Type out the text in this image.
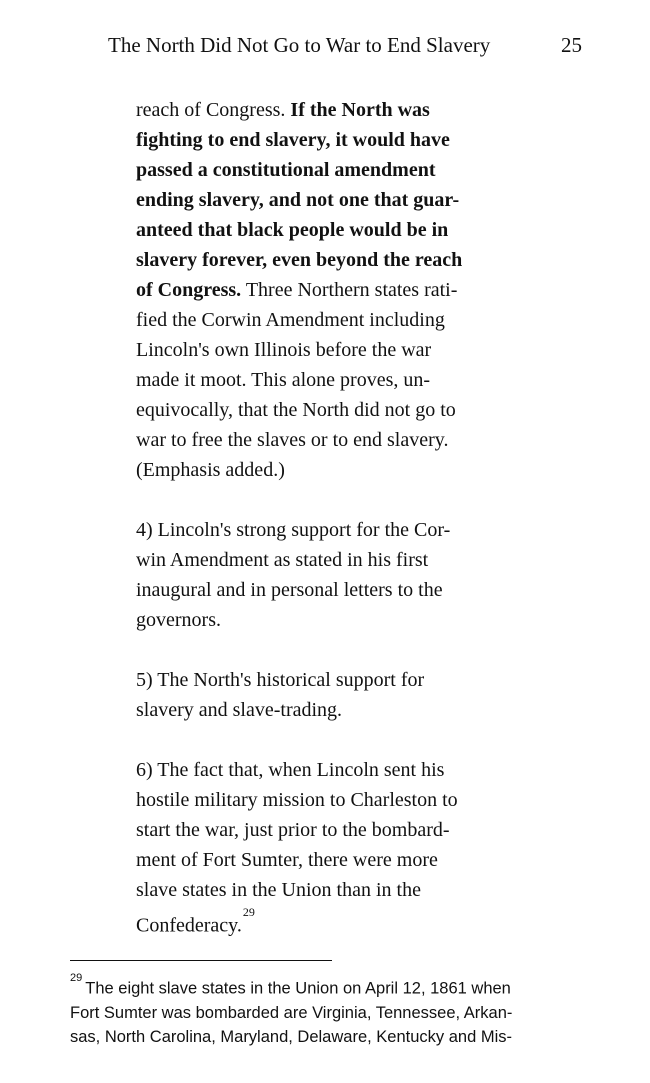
The North Did Not Go to War to End Slavery	25

reach of Congress. If the North was
fighting to end slavery, it would have
passed a constitutional amendment
ending slavery, and not one that guar-
anteed that black people would be in
slavery forever, even beyond the reach
of Congress. Three Northern states rati-
fied the Corwin Amendment including
Lincoln's own Illinois before the war
made it moot. This alone proves, un-
equivocally, that the North did not go to
war to free the slaves or to end slavery.
(Emphasis added.)

4) Lincoln's strong support for the Cor-
win Amendment as stated in his first
inaugural and in personal letters to the
governors.

5) The North's historical support for
slavery and slave-trading.

6) The fact that, when Lincoln sent his
hostile military mission to Charleston to
start the war, just prior to the bombard-
ment of Fort Sumter, there were more
slave states in the Union than in the
Confederacy.$^{29}$

$^{29}$The eight slave states in the Union on April 12, 1861 when
Fort Sumter was bombarded are Virginia, Tennessee, Arkan-
sas, North Carolina, Maryland, Delaware, Kentucky and Mis-
